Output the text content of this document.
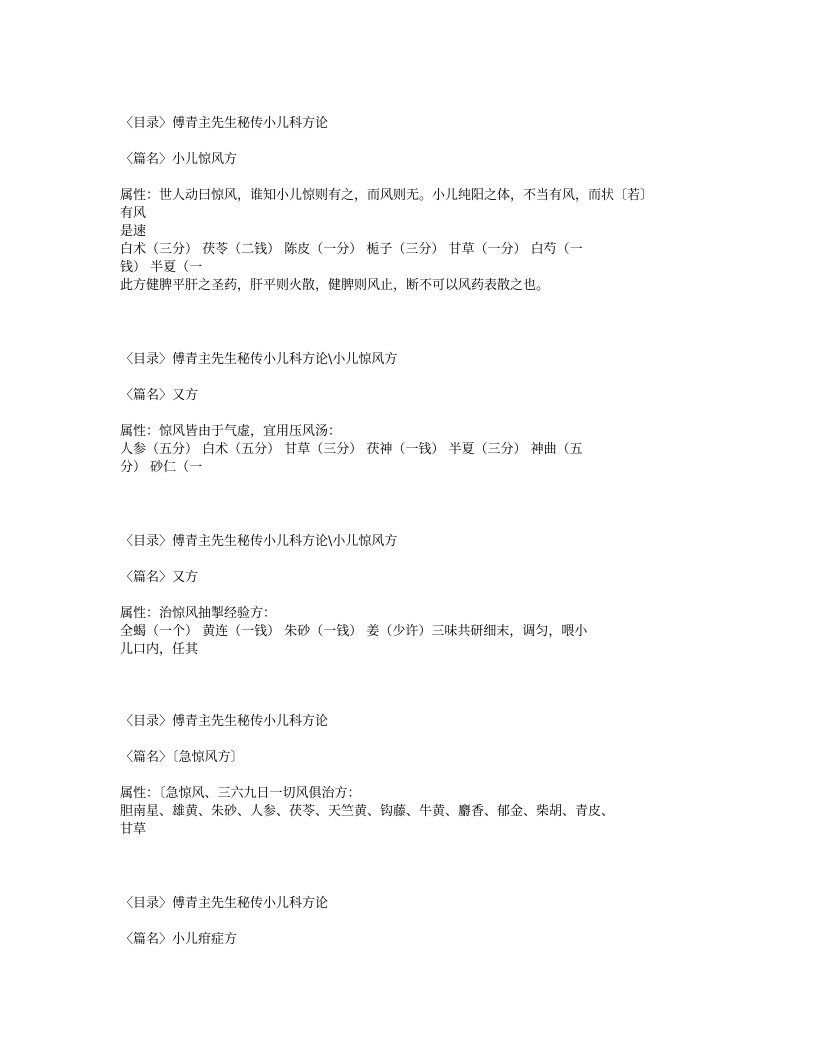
〈目录〉傅青主先生秘传小儿科方论
〈篇名〉小儿惊风方
属性：世人动曰惊风，谁知小儿惊则有之，而风则无。小儿纯阳之体，不当有风，而状〔若〕
有风
是速
白术（三分） 茯苓（二钱） 陈皮（一分） 栀子（三分） 甘草（一分） 白芍（一
钱） 半夏（一
此方健脾平肝之圣药，肝平则火散，健脾则风止，断不可以风药表散之也。
〈目录〉傅青主先生秘传小儿科方论\小儿惊风方
〈篇名〉又方
属性：惊风皆由于气虚，宜用压风汤：
人参（五分） 白术（五分） 甘草（三分） 茯神（一钱） 半夏（三分） 神曲（五
分） 砂仁（一
〈目录〉傅青主先生秘传小儿科方论\小儿惊风方
〈篇名〉又方
属性：治惊风抽掣经验方：
全蝎（一个） 黄连（一钱） 朱砂（一钱） 姜（少许）三味共研细末，调匀，喂小
儿口内，任其
〈目录〉傅青主先生秘传小儿科方论
〈篇名〉〔急惊风方〕
属性：〔急惊风、三六九日一切风俱治方：
胆南星、雄黄、朱砂、人参、茯苓、天竺黄、钩藤、牛黄、麝香、郁金、柴胡、青皮、
甘草
〈目录〉傅青主先生秘传小儿科方论
〈篇名〉小儿疳症方
